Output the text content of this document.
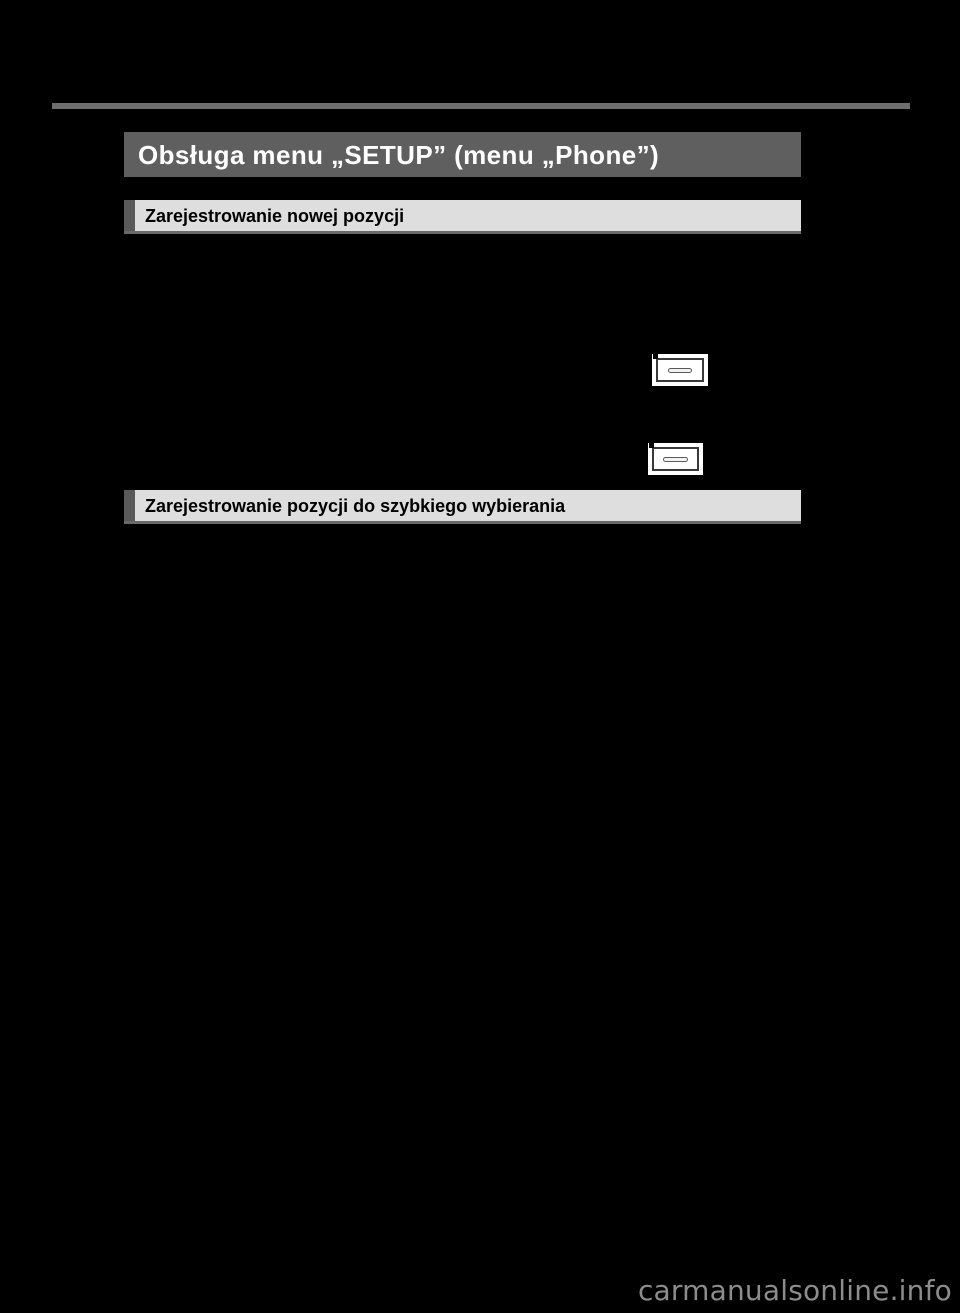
Obsługa menu „SETUP” (menu „Phone”)
Zarejestrowanie nowej pozycji
Zarejestrowanie pozycji do szybkiego wybierania
carmanualsonline.info
